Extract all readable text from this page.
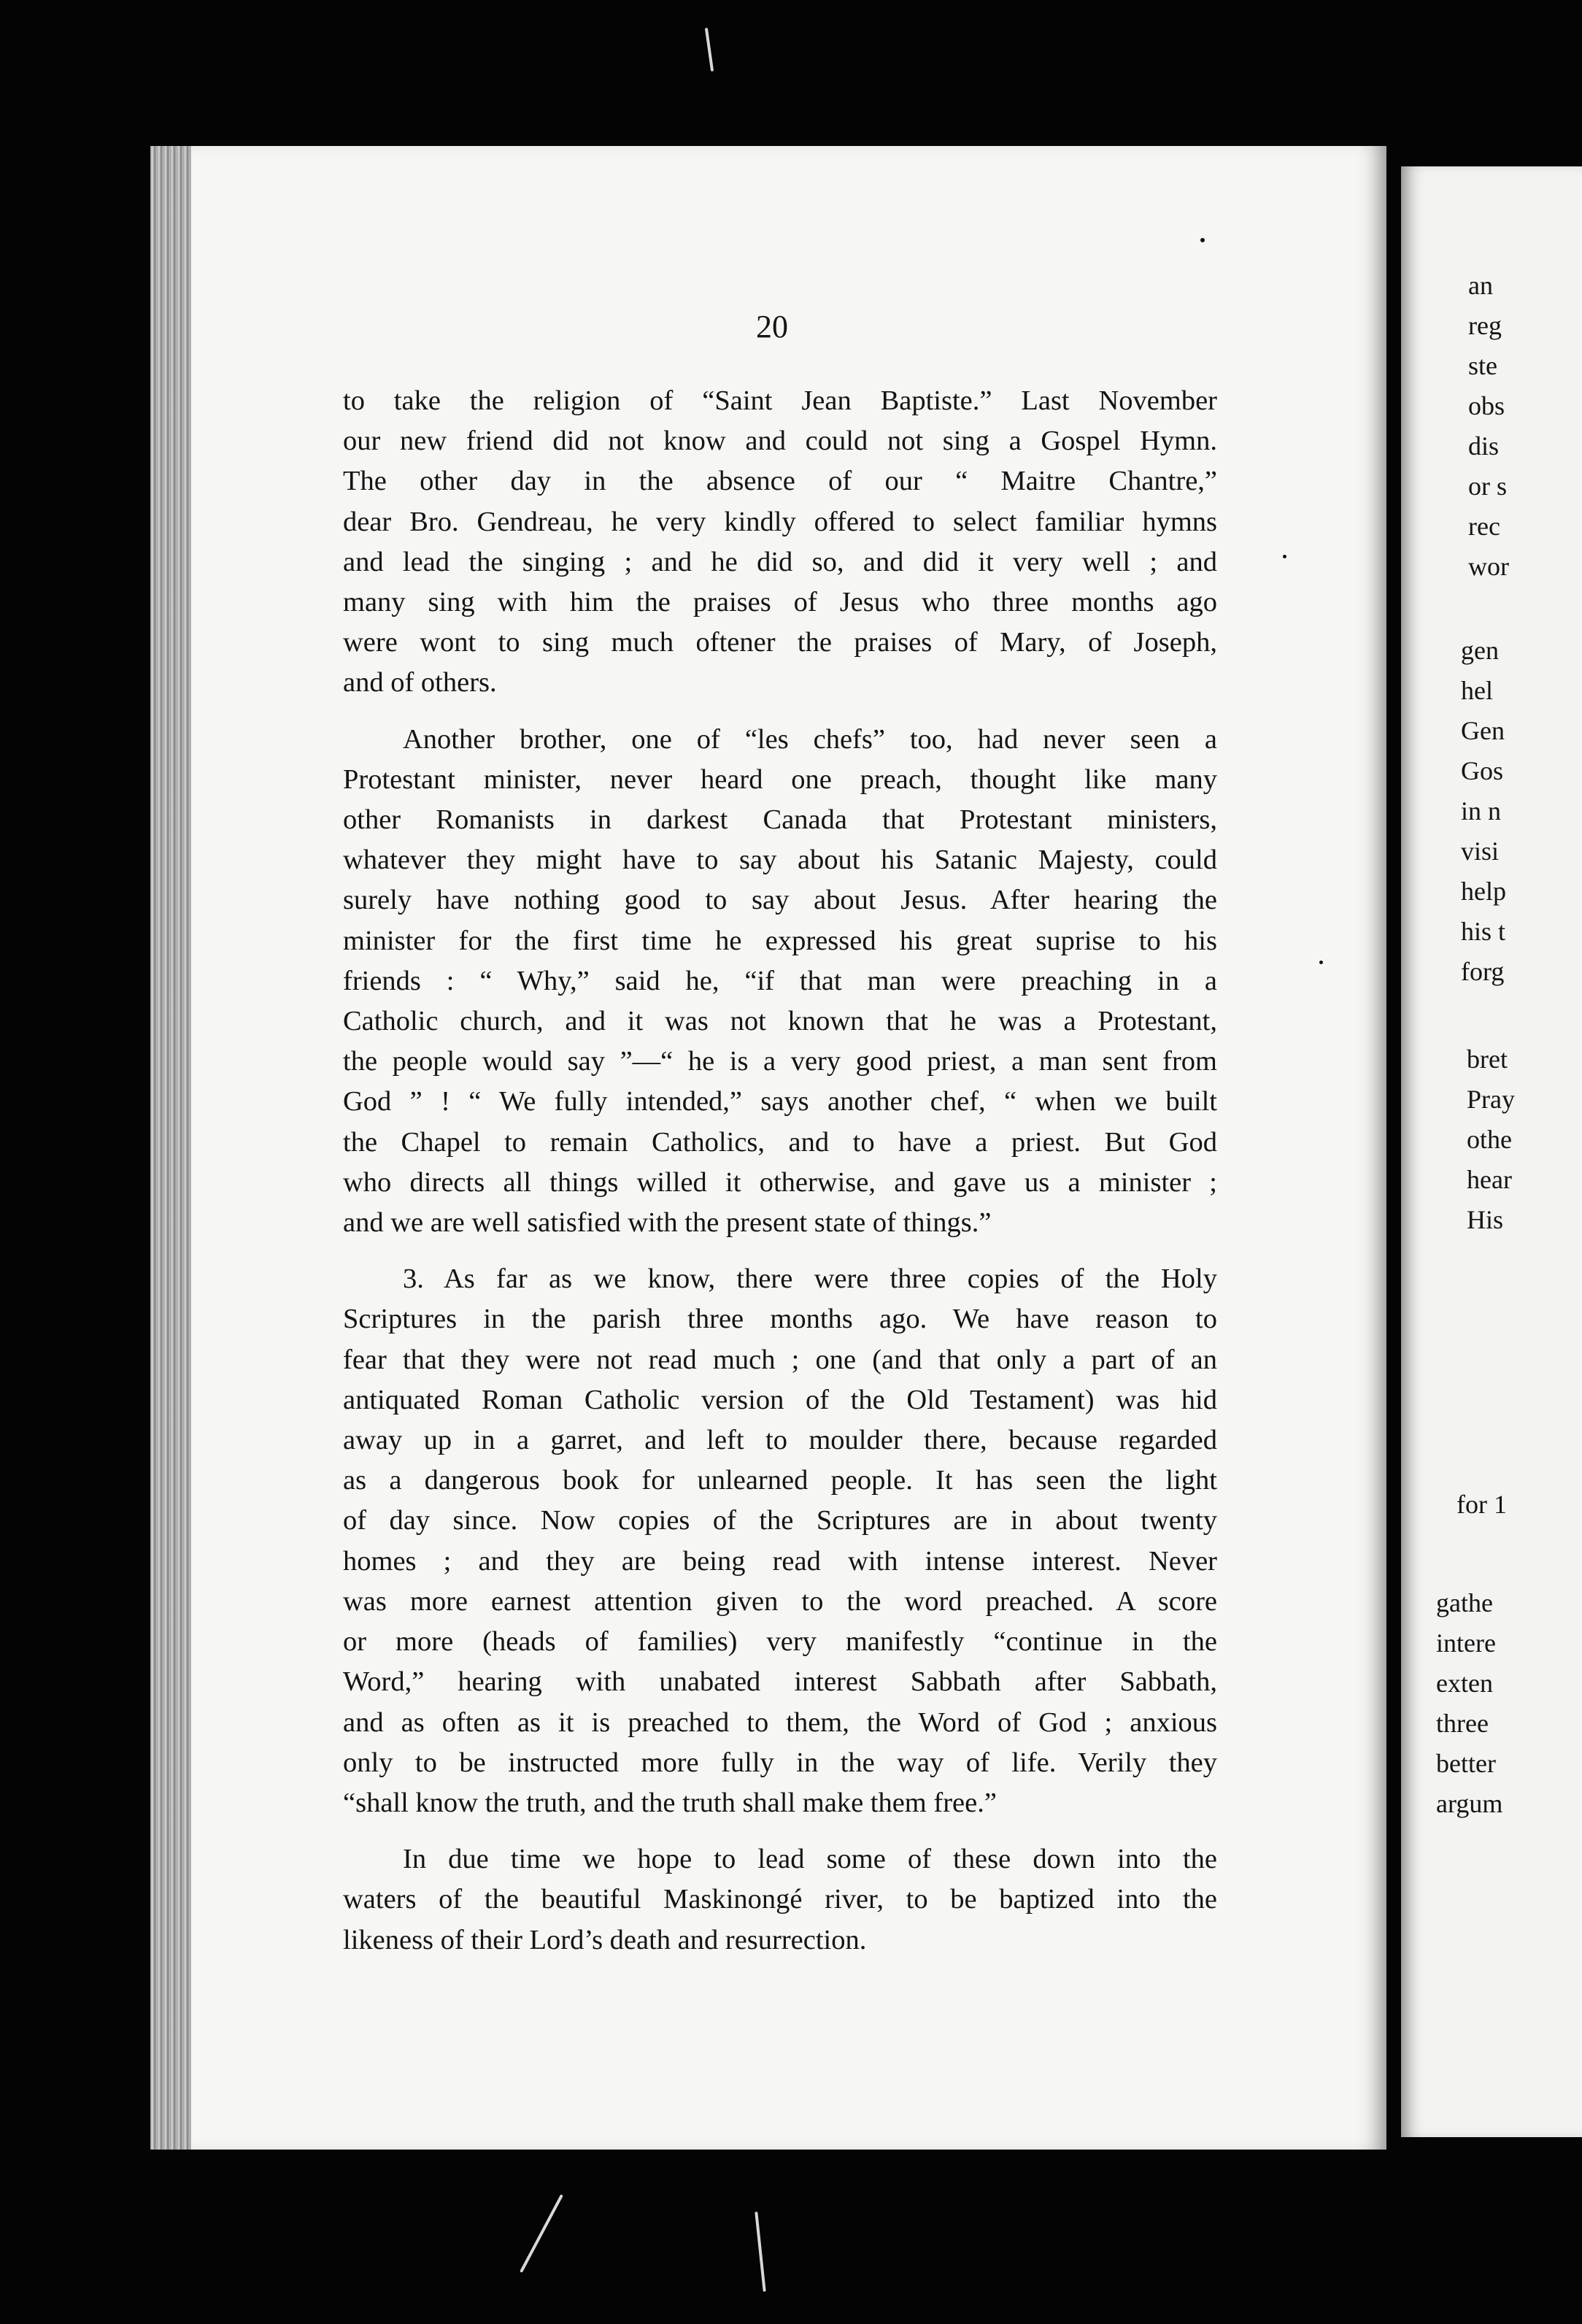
20

to take the religion of “Saint Jean Baptiste.” Last November

our new friend did not know and could not sing a Gospel Hymn.

The other day in the absence of our “ Maitre Chantre,”

dear Bro. Gendreau, he very kindly offered to select familiar hymns

and lead the singing ; and he did so, and did it very well ; and

many sing with him the praises of Jesus who three months ago

were wont to sing much oftener the praises of Mary, of Joseph,

and of others.

Another brother, one of “les chefs” too, had never seen a

Protestant minister, never heard one preach, thought like many

other Romanists in darkest Canada that Protestant ministers,

whatever they might have to say about his Satanic Majesty, could

surely have nothing good to say about Jesus. After hearing the

minister for the first time he expressed his great suprise to his

friends : “ Why,” said he, “if that man were preaching in a

Catholic church, and it was not known that he was a Protestant,

the people would say ”—“ he is a very good priest, a man sent from

God ” ! “ We fully intended,” says another chef, “ when we built

the Chapel to remain Catholics, and to have a priest. But God

who directs all things willed it otherwise, and gave us a minister ;

and we are well satisfied with the present state of things.”

3. As far as we know, there were three copies of the Holy

Scriptures in the parish three months ago. We have reason to

fear that they were not read much ; one (and that only a part of an

antiquated Roman Catholic version of the Old Testament) was hid

away up in a garret, and left to moulder there, because regarded

as a dangerous book for unlearned people. It has seen the light

of day since. Now copies of the Scriptures are in about twenty

homes ; and they are being read with intense interest. Never

was more earnest attention given to the word preached. A score

or more (heads of families) very manifestly “continue in the

Word,” hearing with unabated interest Sabbath after Sabbath,

and as often as it is preached to them, the Word of God ; anxious

only to be instructed more fully in the way of life. Verily they

“shall know the truth, and the truth shall make them free.”

In due time we hope to lead some of these down into the

waters of the beautiful Maskinongé river, to be baptized into the

likeness of their Lord’s death and resurrection.

an
reg
ste
obs
dis
or s
rec
wor
gen
hel
Gen
Gos
in n
visi
help
his t
forg
bret
Pray
othe
hear
His
for 1
gathe
intere
exten
three
better
argum
